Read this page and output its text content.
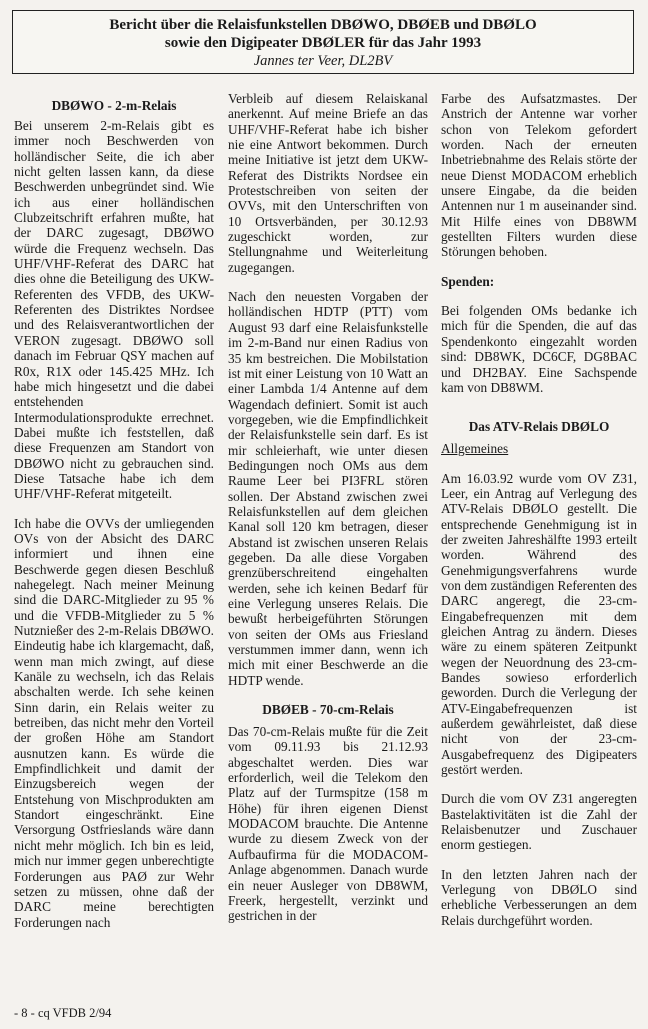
Bericht über die Relaisfunkstellen DBØWO, DBØEB und DBØLO
sowie den Digipeater DBØLER für das Jahr 1993
Jannes ter Veer, DL2BV
DBØWO - 2-m-Relais

Bei unserem 2-m-Relais gibt es immer noch Beschwerden von holländischer Seite, die ich aber nicht gelten lassen kann, da diese Beschwerden unbegründet sind. Wie ich aus einer holländischen Clubzeitschrift erfahren mußte, hat der DARC zugesagt, DBØWO würde die Frequenz wechseln. Das UHF/VHF-Referat des DARC hat dies ohne die Beteiligung des UKW-Referenten des VFDB, des UKW-Referenten des Distriktes Nordsee und des Relaisverantwortlichen der VERON zugesagt. DBØWO soll danach im Februar QSY machen auf R0x, R1X oder 145.425 MHz. Ich habe mich hingesetzt und die dabei entstehenden Intermodulationsprodukte errechnet. Dabei mußte ich feststellen, daß diese Frequenzen am Standort von DBØWO nicht zu gebrauchen sind. Diese Tatsache habe ich dem UHF/VHF-Referat mitgeteilt.

Ich habe die OVVs der umliegenden OVs von der Absicht des DARC informiert und ihnen eine Beschwerde gegen diesen Beschluß nahegelegt. Nach meiner Meinung sind die DARC-Mitglieder zu 95 % und die VFDB-Mitglieder zu 5 % Nutznießer des 2-m-Relais DBØWO. Eindeutig habe ich klargemacht, daß, wenn man mich zwingt, auf diese Kanäle zu wechseln, ich das Relais abschalten werde. Ich sehe keinen Sinn darin, ein Relais weiter zu betreiben, das nicht mehr den Vorteil der großen Höhe am Standort ausnutzen kann. Es würde die Empfindlichkeit und damit der Einzugsbereich wegen der Entstehung von Mischprodukten am Standort eingeschränkt. Eine Versorgung Ostfrieslands wäre dann nicht mehr möglich. Ich bin es leid, mich nur immer gegen unberechtigte Forderungen aus PAØ zur Wehr setzen zu müssen, ohne daß der DARC meine berechtigten Forderungen nach

Verbleib auf diesem Relaiskanal anerkennt. Auf meine Briefe an das UHF/VHF-Referat habe ich bisher nie eine Antwort bekommen. Durch meine Initiative ist jetzt dem UKW-Referat des Distrikts Nordsee ein Protestschreiben von seiten der OVVs, mit den Unterschriften von 10 Ortsverbänden, per 30.12.93 zugeschickt worden, zur Stellungnahme und Weiterleitung zugegangen.

Nach den neuesten Vorgaben der holländischen HDTP (PTT) vom August 93 darf eine Relaisfunkstelle im 2-m-Band nur einen Radius von 35 km bestreichen. Die Mobilstation ist mit einer Leistung von 10 Watt an einer Lambda 1/4 Antenne auf dem Wagendach definiert. Somit ist auch vorgegeben, wie die Empfindlichkeit der Relaisfunkstelle sein darf. Es ist mir schleierhaft, wie unter diesen Bedingungen noch OMs aus dem Raume Leer bei PI3FRL stören sollen. Der Abstand zwischen zwei Relaisfunkstellen auf dem gleichen Kanal soll 120 km betragen, dieser Abstand ist zwischen unseren Relais gegeben. Da alle diese Vorgaben grenzüberschreitend eingehalten werden, sehe ich keinen Bedarf für eine Verlegung unseres Relais. Die bewußt herbeigeführten Störungen von seiten der OMs aus Friesland verstummen immer dann, wenn ich mich mit einer Beschwerde an die HDTP wende.

DBØEB - 70-cm-Relais

Das 70-cm-Relais mußte für die Zeit vom 09.11.93 bis 21.12.93 abgeschaltet werden. Dies war erforderlich, weil die Telekom den Platz auf der Turmspitze (158 m Höhe) für ihren eigenen Dienst MODACOM brauchte. Die Antenne wurde zu diesem Zweck von der Aufbaufirma für die MODACOM-Anlage abgenommen. Danach wurde ein neuer Ausleger von DB8WM, Freerk, hergestellt, verzinkt und gestrichen in der

Farbe des Aufsatzmastes. Der Anstrich der Antenne war vorher schon von Telekom gefordert worden. Nach der erneuten Inbetriebnahme des Relais störte der neue Dienst MODACOM erheblich unsere Eingabe, da die beiden Antennen nur 1 m auseinander sind. Mit Hilfe eines von DB8WM gestellten Filters wurden diese Störungen behoben.

Spenden:

Bei folgenden OMs bedanke ich mich für die Spenden, die auf das Spendenkonto eingezahlt worden sind: DB8WK, DC6CF, DG8BAC und DH2BAY. Eine Sachspende kam von DB8WM.

Das ATV-Relais DBØLO

Allgemeines

Am 16.03.92 wurde vom OV Z31, Leer, ein Antrag auf Verlegung des ATV-Relais DBØLO gestellt. Die entsprechende Genehmigung ist in der zweiten Jahreshälfte 1993 erteilt worden. Während des Genehmigungsverfahrens wurde von dem zuständigen Referenten des DARC angeregt, die 23-cm-Eingabefrequenzen mit dem gleichen Antrag zu ändern. Dieses wäre zu einem späteren Zeitpunkt wegen der Neuordnung des 23-cm-Bandes sowieso erforderlich geworden. Durch die Verlegung der ATV-Eingabefrequenzen ist außerdem gewährleistet, daß diese nicht von der 23-cm-Ausgabefrequenz des Digipeaters gestört werden.

Durch die vom OV Z31 angeregten Bastelaktivitäten ist die Zahl der Relaisbenutzer und Zuschauer enorm gestiegen.

In den letzten Jahren nach der Verlegung von DBØLO sind erhebliche Verbesserungen an dem Relais durchgeführt worden.

- 8 - cq VFDB 2/94
